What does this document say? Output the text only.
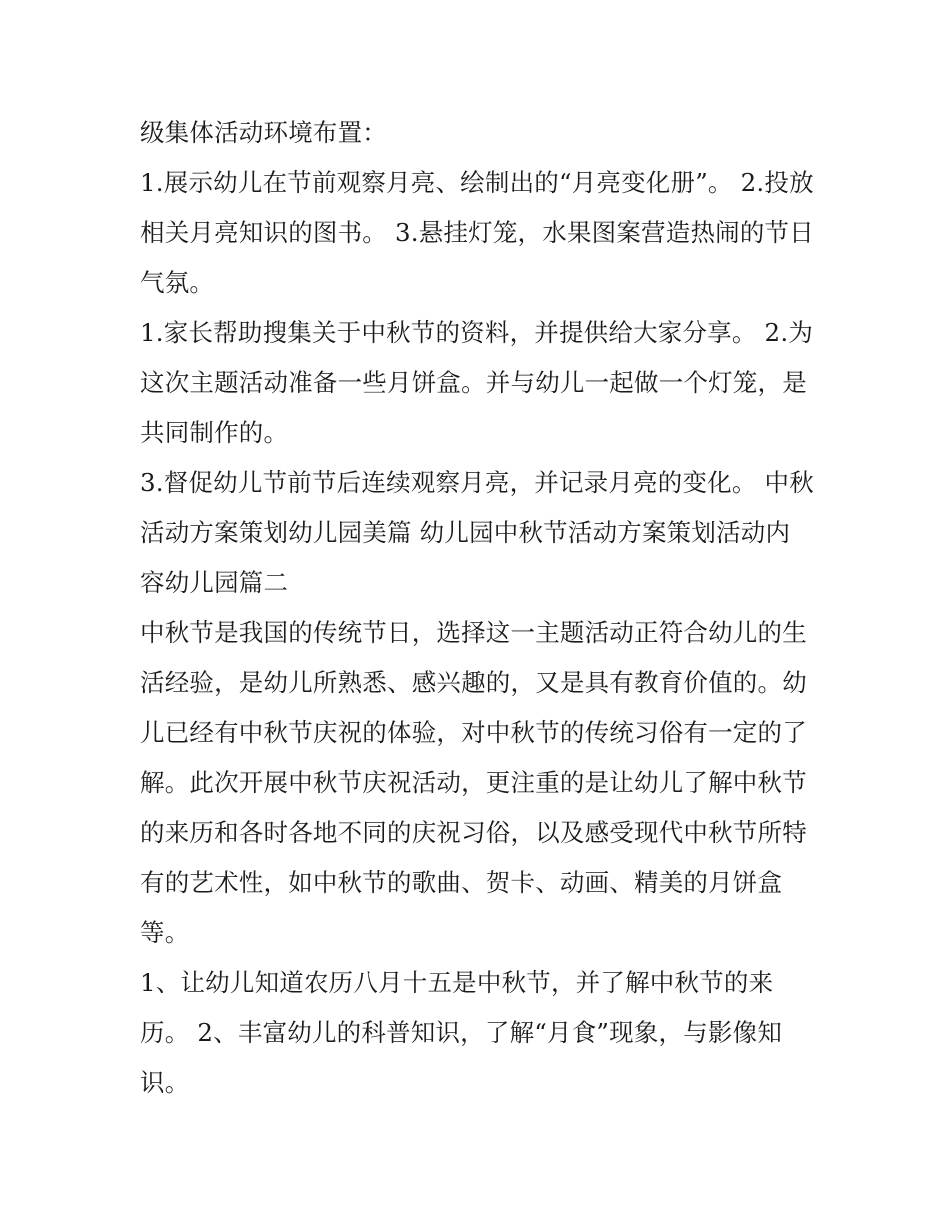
级集体活动环境布置：
1.展示幼儿在节前观察月亮、绘制出的“月亮变化册”。 2.投放
相关月亮知识的图书。 3.悬挂灯笼，水果图案营造热闹的节日
气氛。
1.家长帮助搜集关于中秋节的资料，并提供给大家分享。 2.为
这次主题活动准备一些月饼盒。并与幼儿一起做一个灯笼，是
共同制作的。
3.督促幼儿节前节后连续观察月亮，并记录月亮的变化。 中秋
活动方案策划幼儿园美篇 幼儿园中秋节活动方案策划活动内
容幼儿园篇二
中秋节是我国的传统节日，选择这一主题活动正符合幼儿的生
活经验，是幼儿所熟悉、感兴趣的，又是具有教育价值的。幼
儿已经有中秋节庆祝的体验，对中秋节的传统习俗有一定的了
解。此次开展中秋节庆祝活动，更注重的是让幼儿了解中秋节
的来历和各时各地不同的庆祝习俗，以及感受现代中秋节所特
有的艺术性，如中秋节的歌曲、贺卡、动画、精美的月饼盒
等。
1、让幼儿知道农历八月十五是中秋节，并了解中秋节的来
历。 2、丰富幼儿的科普知识，了解“月食”现象，与影像知
识。
